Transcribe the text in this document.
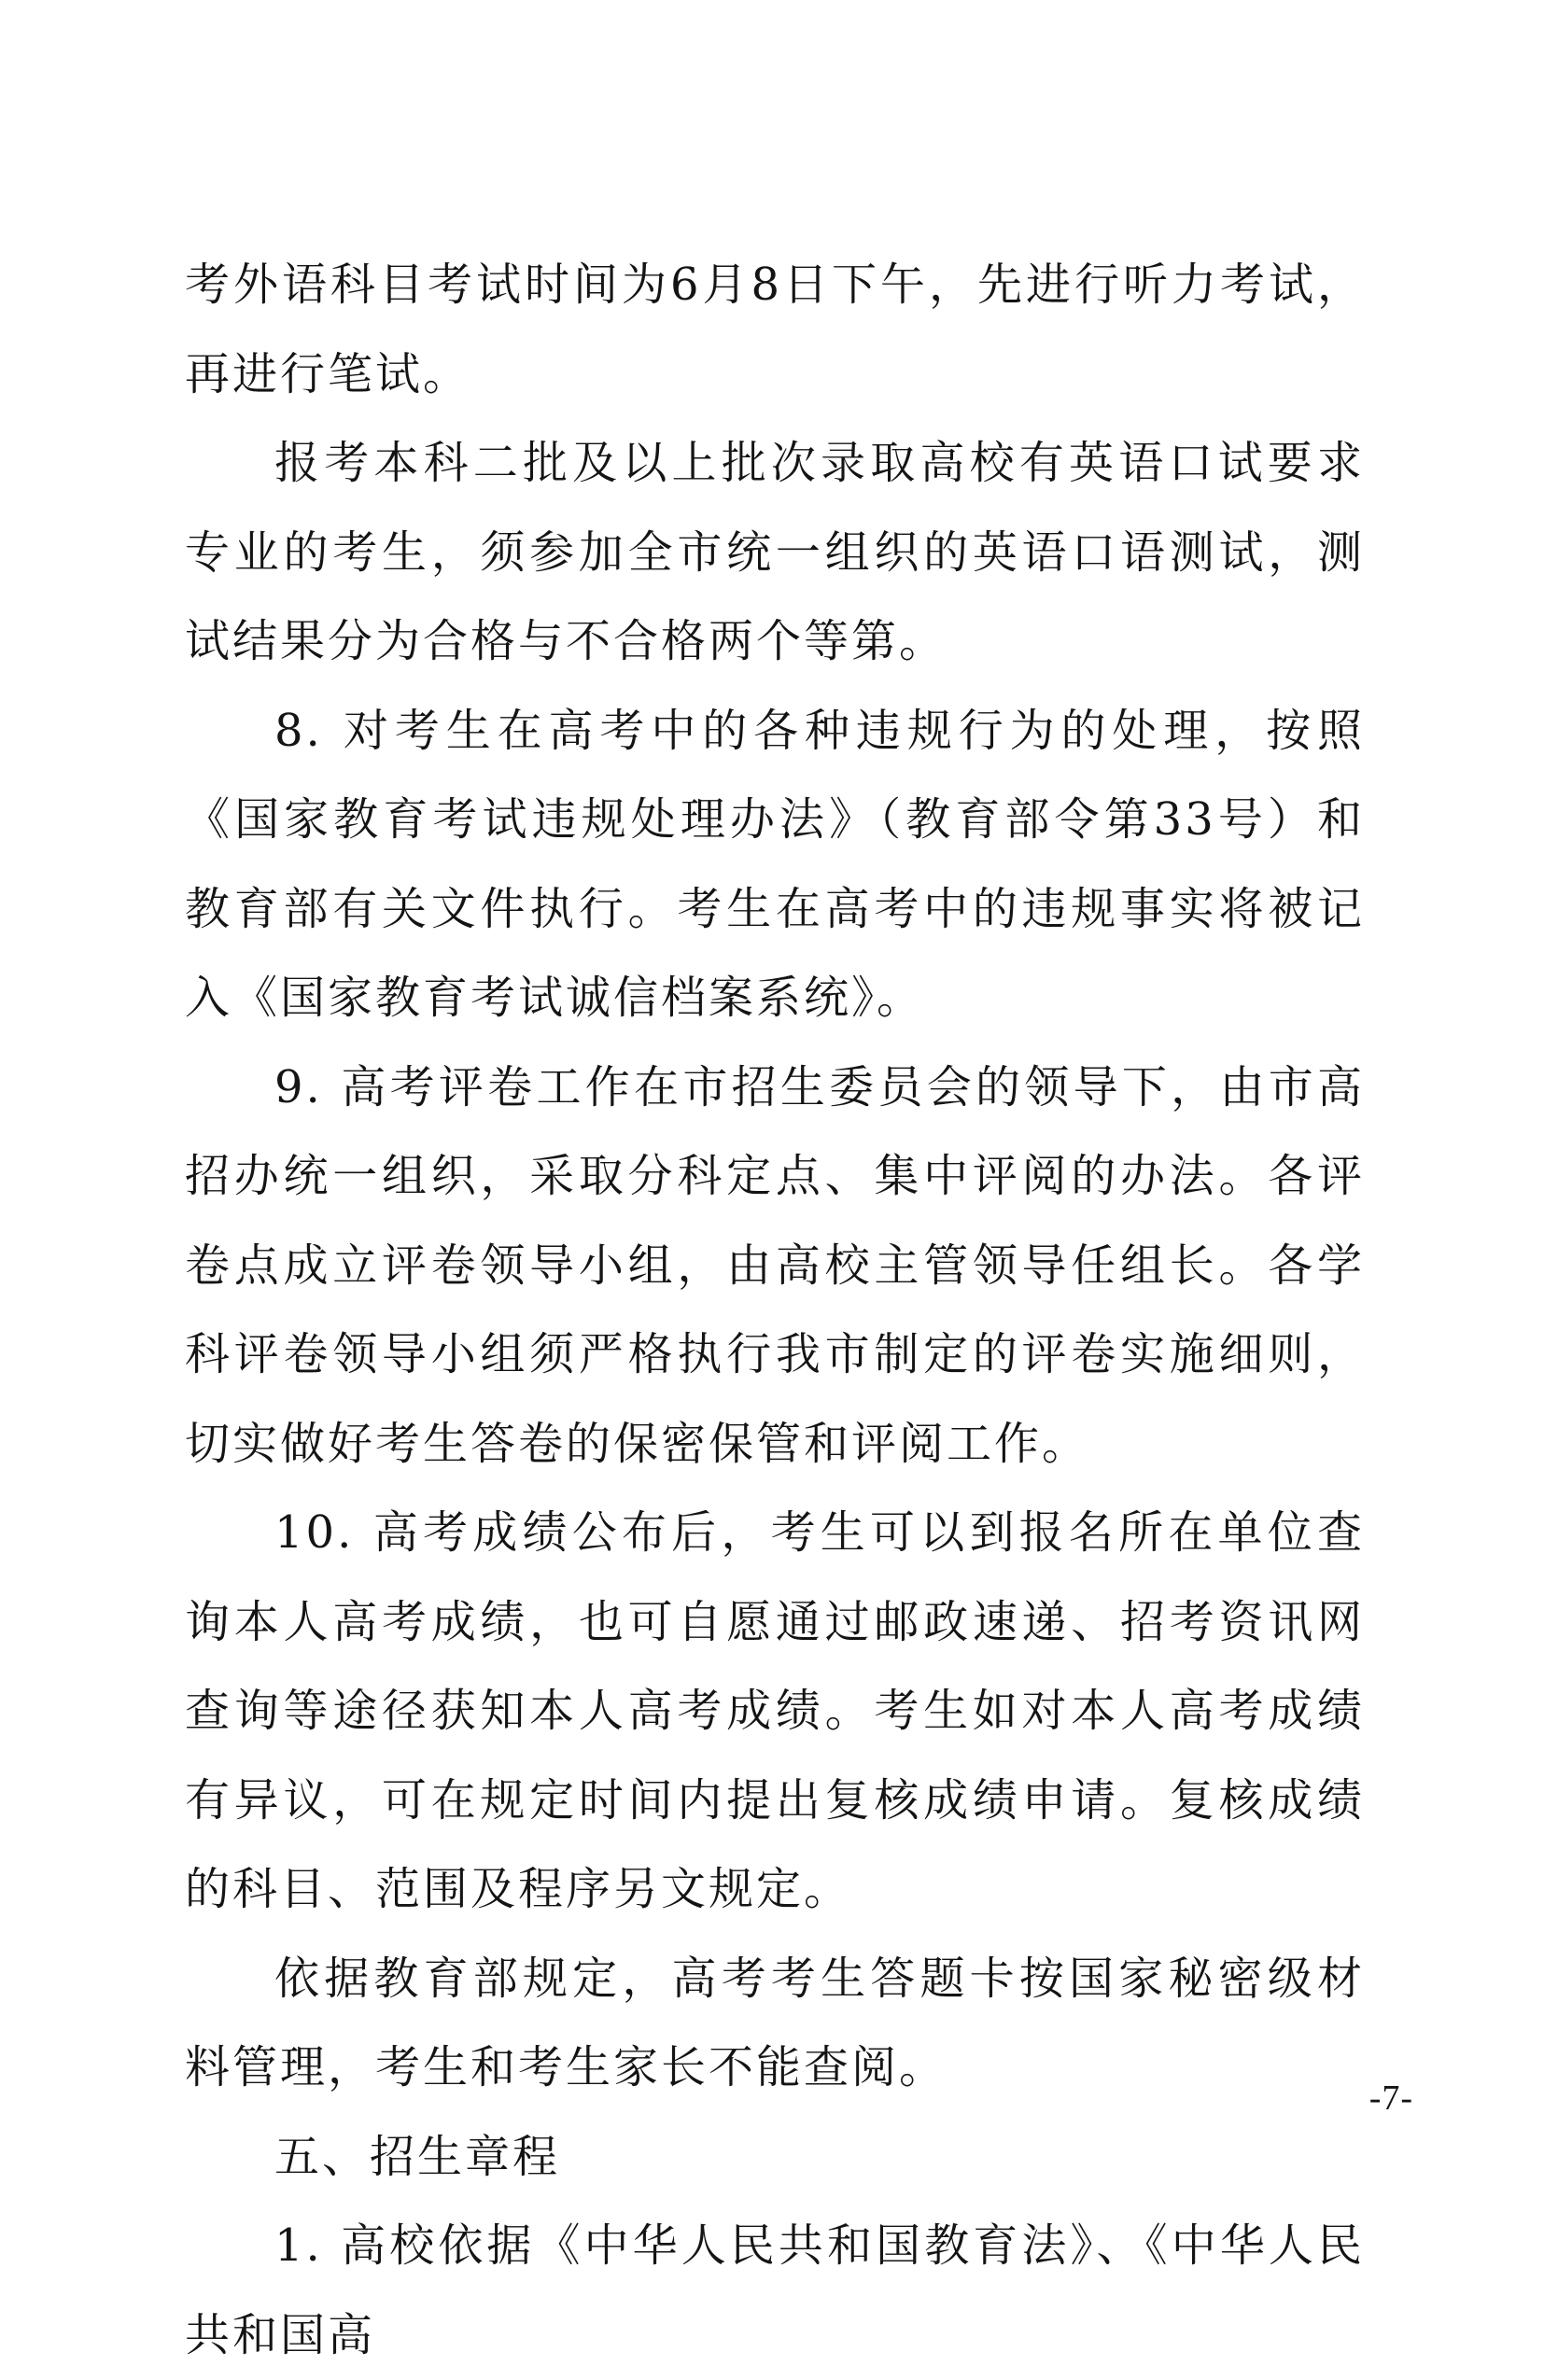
考外语科目考试时间为6月8日下午，先进行听力考试，再进行笔试。

报考本科二批及以上批次录取高校有英语口试要求专业的考生，须参加全市统一组织的英语口语测试，测试结果分为合格与不合格两个等第。

8. 对考生在高考中的各种违规行为的处理，按照《国家教育考试违规处理办法》（教育部令第33号）和教育部有关文件执行。考生在高考中的违规事实将被记入《国家教育考试诚信档案系统》。

9. 高考评卷工作在市招生委员会的领导下，由市高招办统一组织，采取分科定点、集中评阅的办法。各评卷点成立评卷领导小组，由高校主管领导任组长。各学科评卷领导小组须严格执行我市制定的评卷实施细则，切实做好考生答卷的保密保管和评阅工作。

10. 高考成绩公布后，考生可以到报名所在单位查询本人高考成绩，也可自愿通过邮政速递、招考资讯网查询等途径获知本人高考成绩。考生如对本人高考成绩有异议，可在规定时间内提出复核成绩申请。复核成绩的科目、范围及程序另文规定。

依据教育部规定，高考考生答题卡按国家秘密级材料管理，考生和考生家长不能查阅。

五、招生章程

1. 高校依据《中华人民共和国教育法》、《中华人民共和国高

-7-
